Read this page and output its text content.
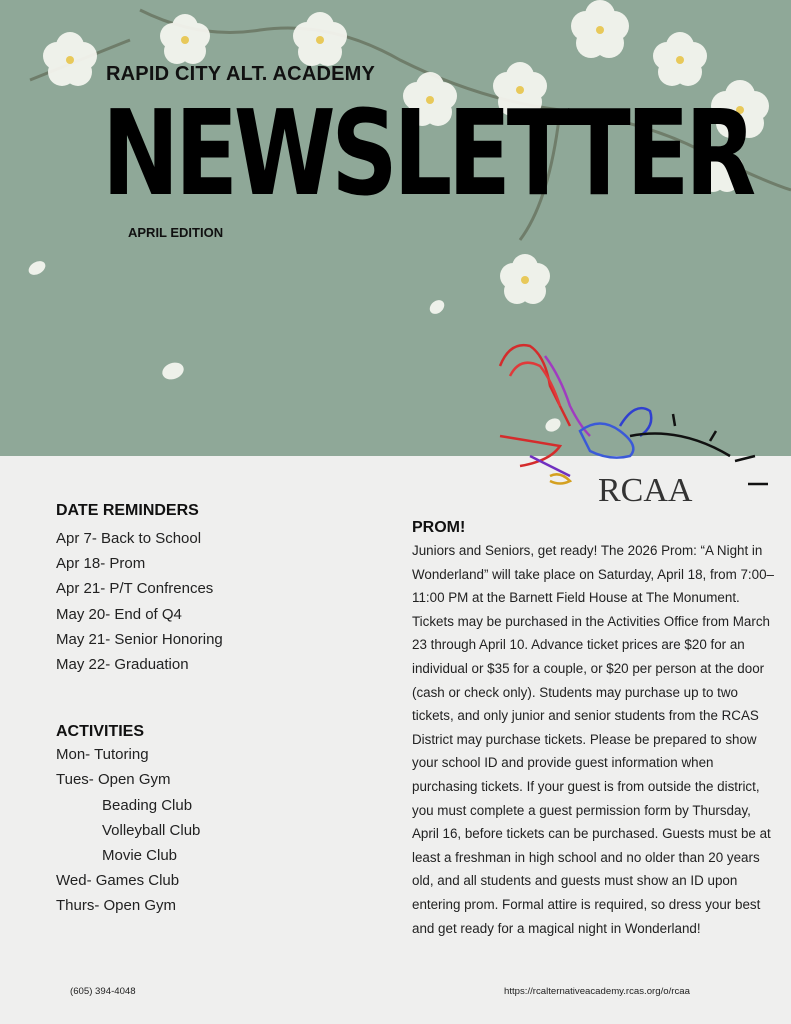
RAPID CITY ALT. ACADEMY
NEWSLETTER
APRIL EDITION
RCAA
DATE REMINDERS
Apr 7- Back to School
Apr 18- Prom
Apr 21- P/T Confrences
May 20- End of Q4
May 21- Senior Honoring
May 22- Graduation
ACTIVITIES
Mon- Tutoring
Tues- Open Gym
Beading Club
Volleyball Club
Movie Club
Wed- Games Club
Thurs- Open Gym
PROM!
Juniors and Seniors, get ready! The 2026 Prom: “A Night in Wonderland” will take place on Saturday, April 18, from 7:00–11:00 PM at the Barnett Field House at The Monument. Tickets may be purchased in the Activities Office from March 23 through April 10. Advance ticket prices are $20 for an individual or $35 for a couple, or $20 per person at the door (cash or check only). Students may purchase up to two tickets, and only junior and senior students from the RCAS District may purchase tickets. Please be prepared to show your school ID and provide guest information when purchasing tickets. If your guest is from outside the district, you must complete a guest permission form by Thursday, April 16, before tickets can be purchased. Guests must be at least a freshman in high school and no older than 20 years old, and all students and guests must show an ID upon entering prom. Formal attire is required, so dress your best and get ready for a magical night in Wonderland!
(605) 394-4048	https://rcalternativeacademy.rcas.org/o/rcaa
